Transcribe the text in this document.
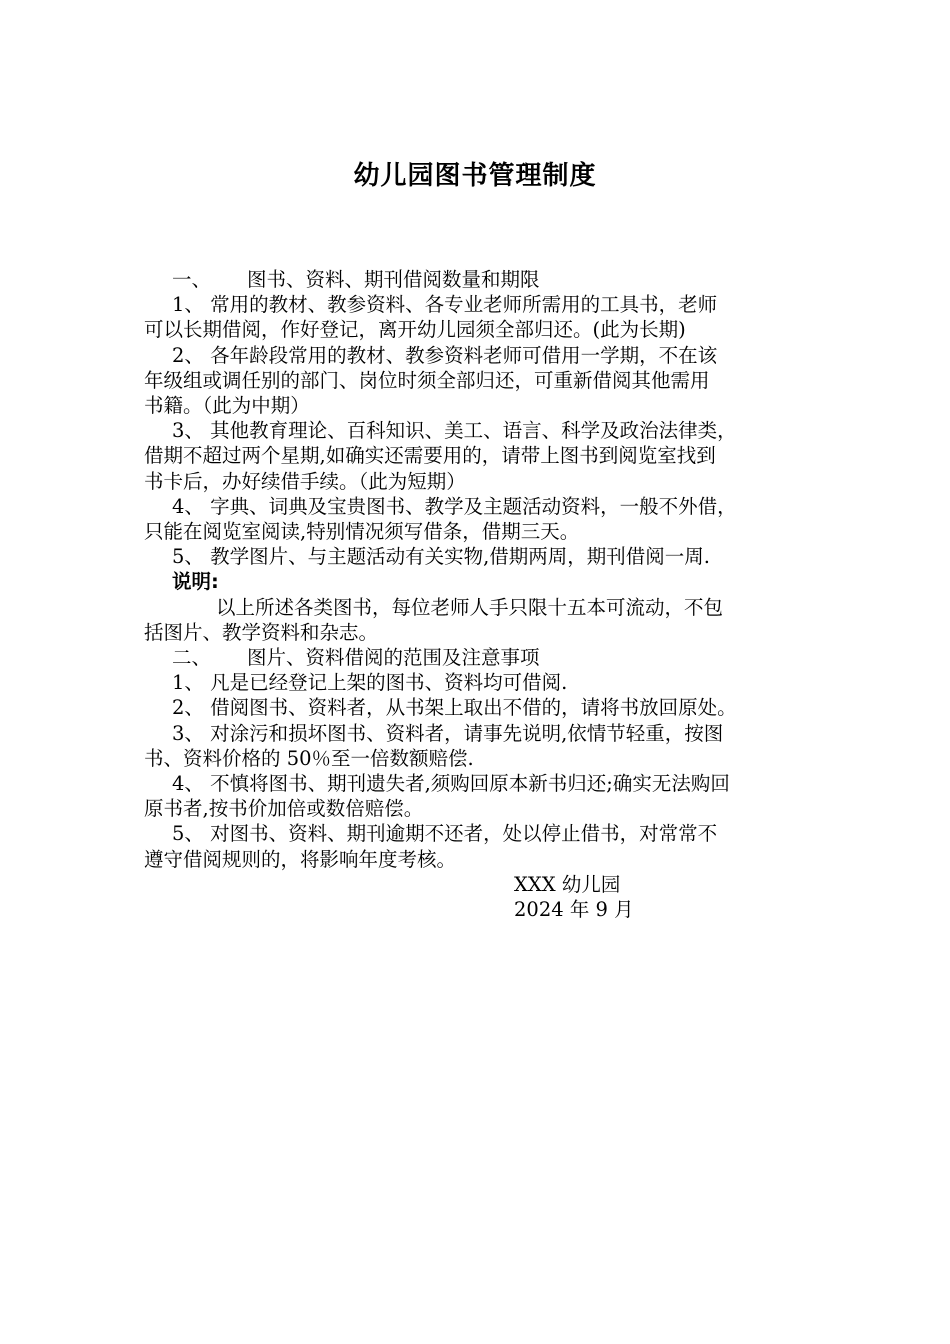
幼儿园图书管理制度
一、 图书、资料、期刊借阅数量和期限
1、 常用的教材、教参资料、各专业老师所需用的工具书，老师
可以长期借阅，作好登记，离开幼儿园须全部归还。(此为长期)
2、 各年龄段常用的教材、教参资料老师可借用一学期，不在该
年级组或调任别的部门、岗位时须全部归还，可重新借阅其他需用
书籍。（此为中期）
3、 其他教育理论、百科知识、美工、语言、科学及政治法律类，
借期不超过两个星期,如确实还需要用的，请带上图书到阅览室找到
书卡后，办好续借手续。（此为短期）
4、 字典、词典及宝贵图书、教学及主题活动资料，一般不外借，
只能在阅览室阅读,特别情况须写借条，借期三天。
5、 教学图片、与主题活动有关实物,借期两周，期刊借阅一周.
说明:
以上所述各类图书，每位老师人手只限十五本可流动，不包
括图片、教学资料和杂志。
二、 图片、资料借阅的范围及注意事项
1、 凡是已经登记上架的图书、资料均可借阅.
2、 借阅图书、资料者，从书架上取出不借的，请将书放回原处。
3、 对涂污和损坏图书、资料者，请事先说明,依情节轻重，按图
书、资料价格的 50％至一倍数额赔偿.
4、 不慎将图书、期刊遗失者,须购回原本新书归还;确实无法购回
原书者,按书价加倍或数倍赔偿。
5、 对图书、资料、期刊逾期不还者，处以停止借书，对常常不
遵守借阅规则的，将影响年度考核。
XXX 幼儿园
2024 年 9 月
